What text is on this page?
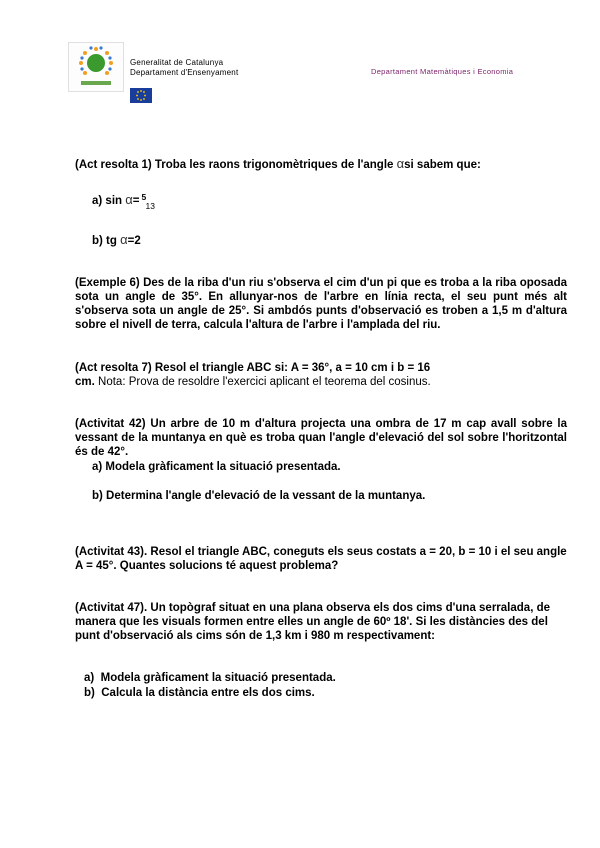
Generalitat de Catalunya
Departament d'Ensenyament	Departament Matemàtiques i Economia
(Act resolta 1) Troba les raons trigonomètriques de l'angle αsi sabem que:
a) sin α= 5
13
b) tg α=2
(Exemple 6) Des de la riba d'un riu s'observa el cim d'un pi que es troba a la riba oposada sota un angle de 35°. En allunyar-nos de l'arbre en línia recta, el seu punt més alt s'observa sota un angle de 25°. Si ambdós punts d'observació es troben a 1,5 m d'altura sobre el nivell de terra, calcula l'altura de l'arbre i l'amplada del riu.
(Act resolta 7) Resol el triangle ABC si: A = 36°, a = 10 cm i b = 16
cm. Nota: Prova de resoldre l'exercici aplicant el teorema del cosinus.
(Activitat 42) Un arbre de 10 m d'altura projecta una ombra de 17 m cap avall sobre la vessant de la muntanya en què es troba quan l'angle d'elevació del sol sobre l'horitzontal és de 42°.
a) Modela gràficament la situació presentada.
b) Determina l'angle d'elevació de la vessant de la muntanya.
(Activitat 43). Resol el triangle ABC, coneguts els seus costats a = 20, b = 10 i el seu angle A = 45°. Quantes solucions té aquest problema?
(Activitat 47). Un topògraf situat en una plana observa els dos cims d'una serralada, de manera que les visuals formen entre elles un angle de 60º 18'. Si les distàncies des del punt d'observació als cims són de 1,3 km i 980 m respectivament:
a) Modela gràficament la situació presentada.
b) Calcula la distància entre els dos cims.
